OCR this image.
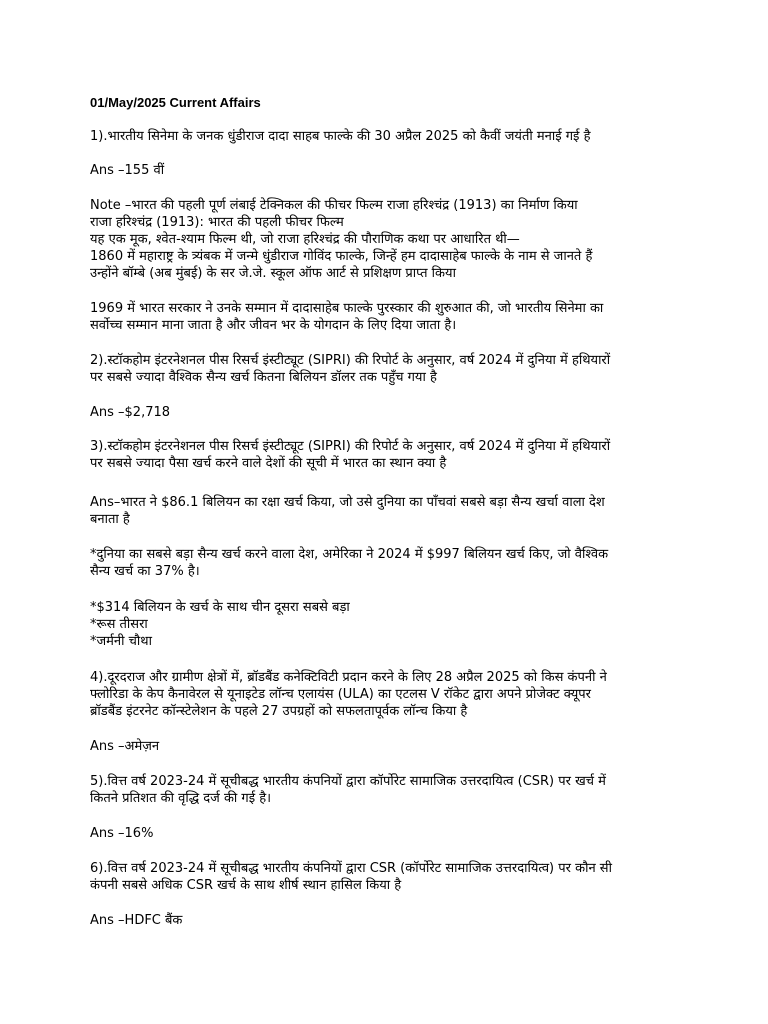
01/May/2025 Current Affairs
1).भारतीय सिनेमा के जनक धुंडीराज दादा साहब फाल्के की 30 अप्रैल 2025 को कैवीं जयंती मनाई गई है
Ans –155 वीं
Note –भारत की पहली पूर्ण लंबाई टेक्निकल की फीचर फिल्म राजा हरिश्चंद्र (1913) का निर्माण किया
राजा हरिश्चंद्र (1913): भारत की पहली फीचर फिल्म
यह एक मूक, श्वेत-श्याम फिल्म थी, जो राजा हरिश्चंद्र की पौराणिक कथा पर आधारित थी—
1860 में महाराष्ट्र के त्र्यंबक में जन्मे धुंडीराज गोविंद फाल्के, जिन्हें हम दादासाहेब फाल्के के नाम से जानते हैं
उन्होंने बॉम्बे (अब मुंबई) के सर जे.जे. स्कूल ऑफ आर्ट से प्रशिक्षण प्राप्त किया
1969 में भारत सरकार ने उनके सम्मान में दादासाहेब फाल्के पुरस्कार की शुरुआत की, जो भारतीय सिनेमा का
सर्वोच्च सम्मान माना जाता है और जीवन भर के योगदान के लिए दिया जाता है।
2).स्टॉकहोम इंटरनेशनल पीस रिसर्च इंस्टीट्यूट (SIPRI) की रिपोर्ट के अनुसार, वर्ष 2024 में दुनिया में हथियारों
पर सबसे ज्यादा वैश्विक सैन्य खर्च कितना बिलियन डॉलर तक पहुँच गया है
Ans –$2,718
3).स्टॉकहोम इंटरनेशनल पीस रिसर्च इंस्टीट्यूट (SIPRI) की रिपोर्ट के अनुसार, वर्ष 2024 में दुनिया में हथियारों
पर सबसे ज्यादा पैसा खर्च करने वाले देशों की सूची में भारत का स्थान क्या है
Ans–भारत ने $86.1 बिलियन का रक्षा खर्च किया, जो उसे दुनिया का पाँचवां सबसे बड़ा सैन्य खर्चा वाला देश
बनाता है
*दुनिया का सबसे बड़ा सैन्य खर्च करने वाला देश, अमेरिका ने 2024 में $997 बिलियन खर्च किए, जो वैश्विक
सैन्य खर्च का 37% है।
*$314 बिलियन के खर्च के साथ चीन दूसरा सबसे बड़ा
*रूस तीसरा
*जर्मनी चौथा
4).दूरदराज और ग्रामीण क्षेत्रों में, ब्रॉडबैंड कनेक्टिविटी प्रदान करने के लिए 28 अप्रैल 2025 को किस कंपनी ने
फ्लोरिडा के केप कैनावेरल से यूनाइटेड लॉन्च एलायंस (ULA) का एटलस V रॉकेट द्वारा अपने प्रोजेक्ट क्यूपर
ब्रॉडबैंड इंटरनेट कॉन्स्टेलेशन के पहले 27 उपग्रहों को सफलतापूर्वक लॉन्च किया है
Ans –अमेज़न
5).वित्त वर्ष 2023-24 में सूचीबद्ध भारतीय कंपनियों द्वारा कॉर्पोरेट सामाजिक उत्तरदायित्व (CSR) पर खर्च में
कितने प्रतिशत की वृद्धि दर्ज की गई है।
Ans –16%
6).वित्त वर्ष 2023-24 में सूचीबद्ध भारतीय कंपनियों द्वारा CSR (कॉर्पोरेट सामाजिक उत्तरदायित्व) पर कौन सी
कंपनी सबसे अधिक CSR खर्च के साथ शीर्ष स्थान हासिल किया है
Ans –HDFC बैंक
